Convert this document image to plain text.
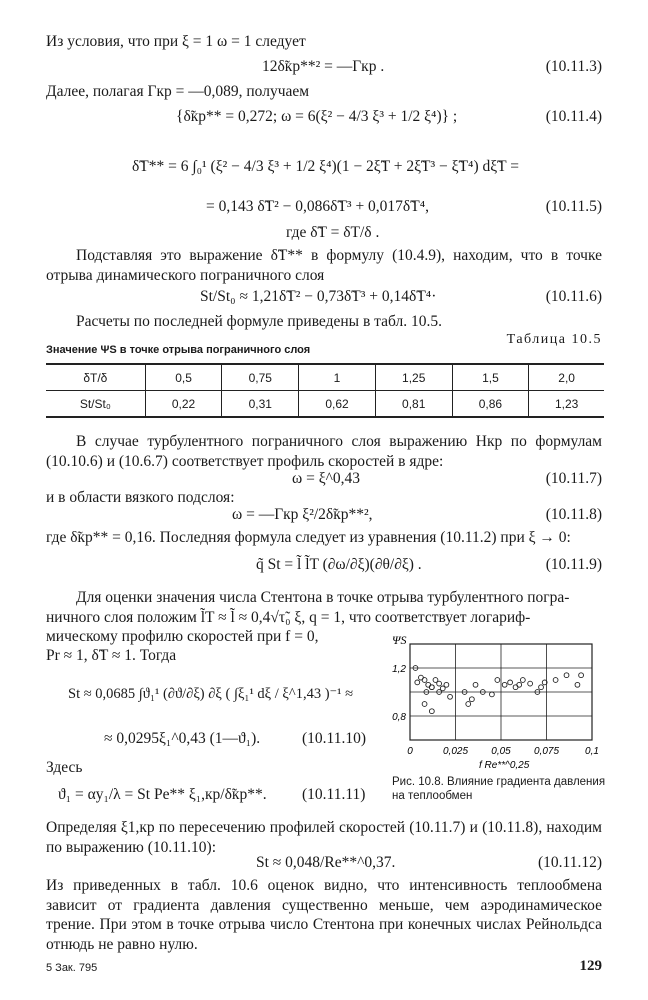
Из условия, что при ξ = 1 ω = 1 следует
12δ̃кр**² = —Γкр .	(10.11.3)
Далее, полагая Γкр = —0,089, получаем
{δ̃кр** = 0,272; ω = 6(ξ² − 4/3 ξ³ + 1/2 ξ⁴)} ;	(10.11.4)
δ̃T** = 6 ∫₀¹ (ξ² − 4/3 ξ³ + 1/2 ξ⁴)(1 − 2ξ̃T + 2ξ̃T³ − ξ̃T⁴) dξ̃T =
= 0,143 δ̃T² − 0,086δ̃T³ + 0,017δ̃T⁴,	(10.11.5)
где δ̃T = δT/δ .
Подставляя это выражение δ̃T** в формулу (10.4.9), находим, что в точке отрыва динамического пограничного слоя
St/St₀ ≈ 1,21δ̃T² − 0,73δ̃T³ + 0,14δ̃T⁴·	(10.11.6)
Расчеты по последней формуле приведены в табл. 10.5.
Таблица 10.5
Значение ΨS в точке отрыва пограничного слоя
δT/δ	0,5	0,75	1	1,25	1,5	2,0
St/St₀	0,22	0,31	0,62	0,81	0,86	1,23
В случае турбулентного пограничного слоя выражению Hкр по формулам (10.10.6) и (10.6.7) соответствует профиль скоростей в ядре:
ω = ξ^0,43	(10.11.7)
и в области вязкого подслоя:
ω = —Γкр ξ²/2δ̃кр**²,	(10.11.8)
где δ̃кр** = 0,16. Последняя формула следует из уравнения (10.11.2) при ξ → 0:
q̃ St = l̃ l̃T (∂ω/∂ξ)(∂θ/∂ξ) .	(10.11.9)
Для оценки значения числа Стентона в точке отрыва турбулентного погра-
ничного слоя положим l̃T ≈ l̃ ≈ 0,4√τ̃₀ ξ, q = 1, что соответствует логариф-
мическому профилю скоростей при f = 0,
Pr ≈ 1, δ̃T ≈ 1. Тогда
St ≈ 0,0685 ∫ϑ₁¹ (∂ϑ/∂ξ) ∂ξ ( ∫ξ₁¹ dξ / ξ^1,43 )⁻¹ ≈
≈ 0,0295ξ₁^0,43 (1—ϑ₁).	(10.11.10)
Здесь
ϑ₁ = αy₁/λ = St Pe** ξ₁,кр/δ̃кр**. (10.11.11)
0	0,025 0,05 0,075	0,1
0,8
1,2
ΨS
f Re**^0,25
Рис. 10.8. Влияние градиента давления на теплообмен
Определяя ξ1,кр по пересечению профилей скоростей (10.11.7) и (10.11.8), находим по выражению (10.11.10):
St ≈ 0,048/Re**^0,37.	(10.11.12)
Из приведенных в табл. 10.6 оценок видно, что интенсивность теплообмена зависит от градиента давления существенно меньше, чем аэродинамическое трение. При этом в точке отрыва число Стентона при конечных числах Рейнольдса отнюдь не равно нулю.
5 Зак. 795	129
